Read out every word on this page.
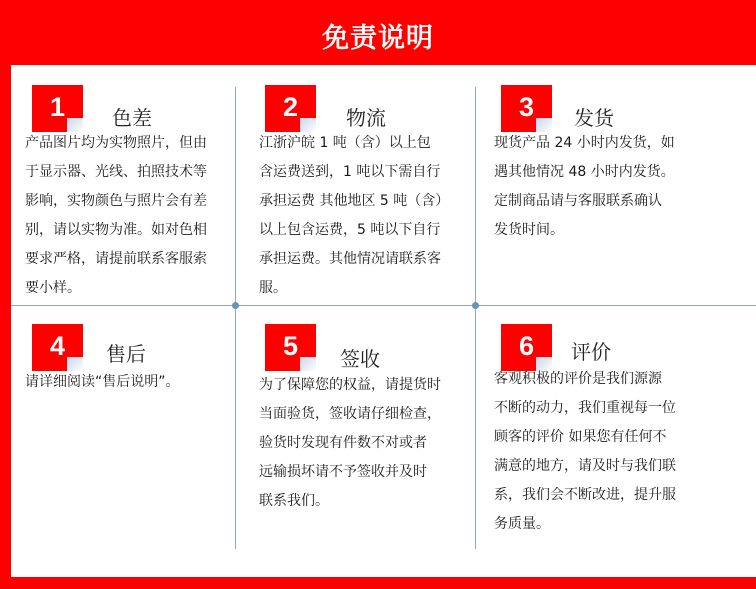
免责说明
1	色差
产品图片均为实物照片，但由
于显示器、光线、拍照技术等
影响，实物颜色与照片会有差
别，请以实物为准。如对色相
要求严格，请提前联系客服索
要小样。
2	物流
江浙沪皖 1 吨（含）以上包
含运费送到，1 吨以下需自行
承担运费 其他地区 5 吨（含）
以上包含运费，5 吨以下自行
承担运费。其他情况请联系客
服。
3	发货
现货产品 24 小时内发货，如
遇其他情况 48 小时内发货。
定制商品请与客服联系确认
发货时间。
4	售后
请详细阅读“售后说明”。
5	签收
为了保障您的权益，请提货时
当面验货，签收请仔细检查，
验货时发现有件数不对或者
远输损坏请不予签收并及时
联系我们。
6	评价
客观积极的评价是我们源源
不断的动力，我们重视每一位
顾客的评价 如果您有任何不
满意的地方，请及时与我们联
系，我们会不断改进，提升服
务质量。
